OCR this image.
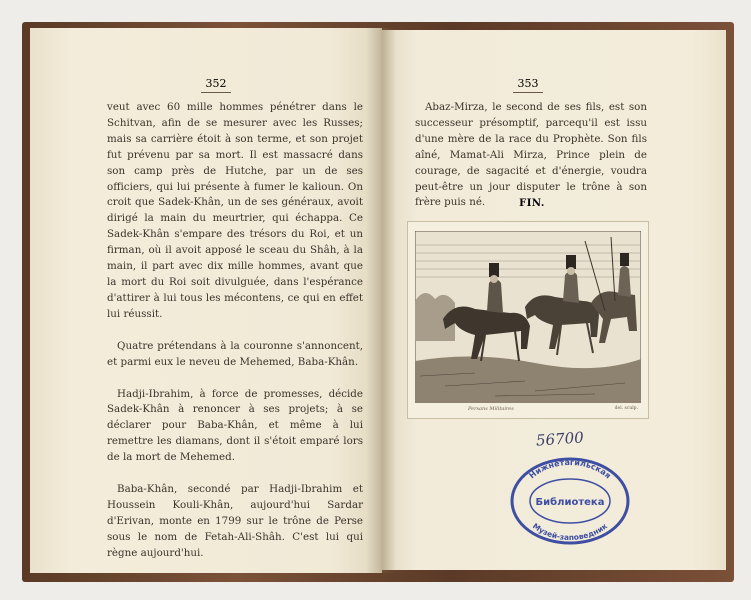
352

veut avec 60 mille hommes pénétrer dans le Schitvan, afin de se mesurer avec les Russes; mais sa carrière étoit à son terme, et son projet fut prévenu par sa mort. Il est massacré dans son camp près de Hutche, par un de ses officiers, qui lui présente à fumer le kalioun. On croit que Sadek-Khân, un de ses généraux, avoit dirigé la main du meurtrier, qui échappa. Ce Sadek-Khân s'empare des trésors du Roi, et un firman, où il avoit apposé le sceau du Shâh, à la main, il part avec dix mille hommes, avant que la mort du Roi soit divulguée, dans l'espérance d'attirer à lui tous les mécontens, ce qui en effet lui réussit.

Quatre prétendans à la couronne s'annoncent, et parmi eux le neveu de Mehemed, Baba-Khân.

Hadji-Ibrahim, à force de promesses, décide Sadek-Khân à renoncer à ses projets; à se déclarer pour Baba-Khân, et même à lui remettre les diamans, dont il s'étoit emparé lors de la mort de Mehemed.

Baba-Khân, secondé par Hadji-Ibrahim et Houssein Kouli-Khân, aujourd'hui Sardar d'Erivan, monte en 1799 sur le trône de Perse sous le nom de Fetah-Ali-Shâh. C'est lui qui règne aujourd'hui.

353

Abaz-Mirza, le second de ses fils, est son successeur présomptif, parcequ'il est issu d'une mère de la race du Prophète. Son fils aîné, Mamat-Ali Mirza, Prince plein de courage, de sagacité et d'énergie, voudra peut-être un jour disputer le trône à son frère puis né.	FIN.
Persans Militaires	del. sculp.
56700
Нижнетагильская
Библиотека
Музей-заповедник
